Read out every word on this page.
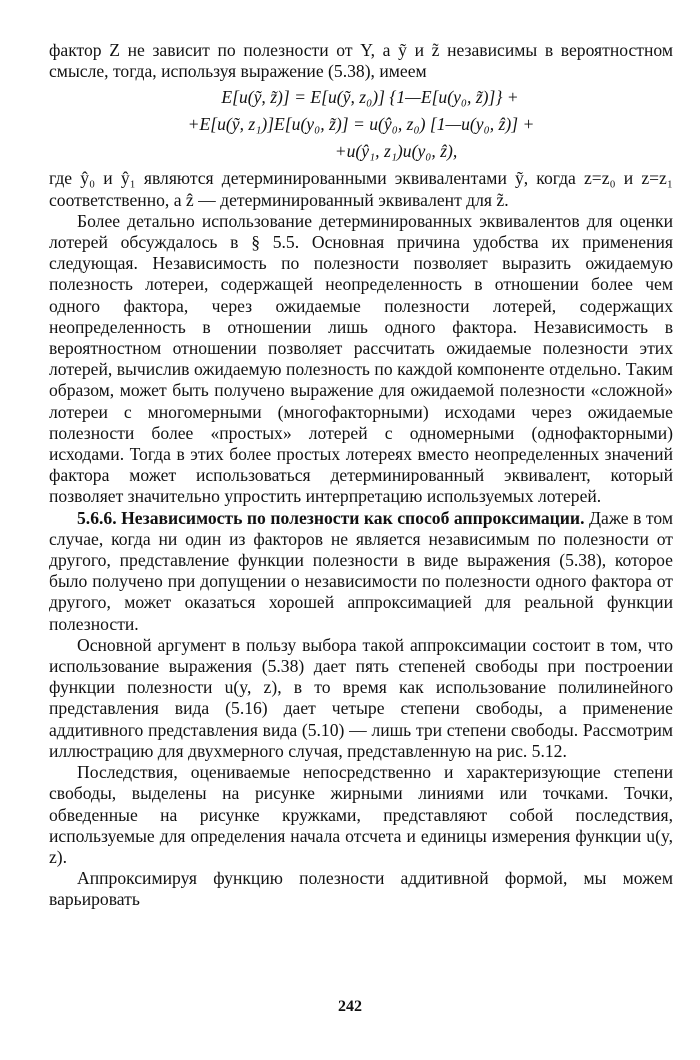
фактор Z не зависит по полезности от Y, а ỹ и z̃ независимы в вероятностном смысле, тогда, используя выражение (5.38), имеем

E[u(ỹ, z̃)] = E[u(ỹ, z₀)] {1—E[u(y₀, z̃)]} +
+E[u(ỹ, z₁)]E[u(y₀, z̃)] = u(ŷ₀, z₀) [1—u(y₀, ẑ)] +
+u(ŷ₁, z₁)u(y₀, ẑ),

где ŷ₀ и ŷ₁ являются детерминированными эквивалентами ỹ, когда z=z₀ и z=z₁ соответственно, а ẑ — детерминированный эквивалент для z̃.

Более детально использование детерминированных эквивалентов для оценки лотерей обсуждалось в § 5.5. Основная причина удобства их применения следующая. Независимость по полезности позволяет выразить ожидаемую полезность лотереи, содержащей неопределенность в отношении более чем одного фактора, через ожидаемые полезности лотерей, содержащих неопределенность в отношении лишь одного фактора. Независимость в вероятностном отношении позволяет рассчитать ожидаемые полезности этих лотерей, вычислив ожидаемую полезность по каждой компоненте отдельно. Таким образом, может быть получено выражение для ожидаемой полезности «сложной» лотереи с многомерными (многофакторными) исходами через ожидаемые полезности более «простых» лотерей с одномерными (однофакторными) исходами. Тогда в этих более простых лотереях вместо неопределенных значений фактора может использоваться детерминированный эквивалент, который позволяет значительно упростить интерпретацию используемых лотерей.

5.6.6. Независимость по полезности как способ аппроксимации. Даже в том случае, когда ни один из факторов не является независимым по полезности от другого, представление функции полезности в виде выражения (5.38), которое было получено при допущении о независимости по полезности одного фактора от другого, может оказаться хорошей аппроксимацией для реальной функции полезности.

Основной аргумент в пользу выбора такой аппроксимации состоит в том, что использование выражения (5.38) дает пять степеней свободы при построении функции полезности u(y, z), в то время как использование полилинейного представления вида (5.16) дает четыре степени свободы, а применение аддитивного представления вида (5.10) — лишь три степени свободы. Рассмотрим иллюстрацию для двухмерного случая, представленную на рис. 5.12.

Последствия, оцениваемые непосредственно и характеризующие степени свободы, выделены на рисунке жирными линиями или точками. Точки, обведенные на рисунке кружками, представляют собой последствия, используемые для определения начала отсчета и единицы измерения функции u(y, z).

Аппроксимируя функцию полезности аддитивной формой, мы можем варьировать

242
